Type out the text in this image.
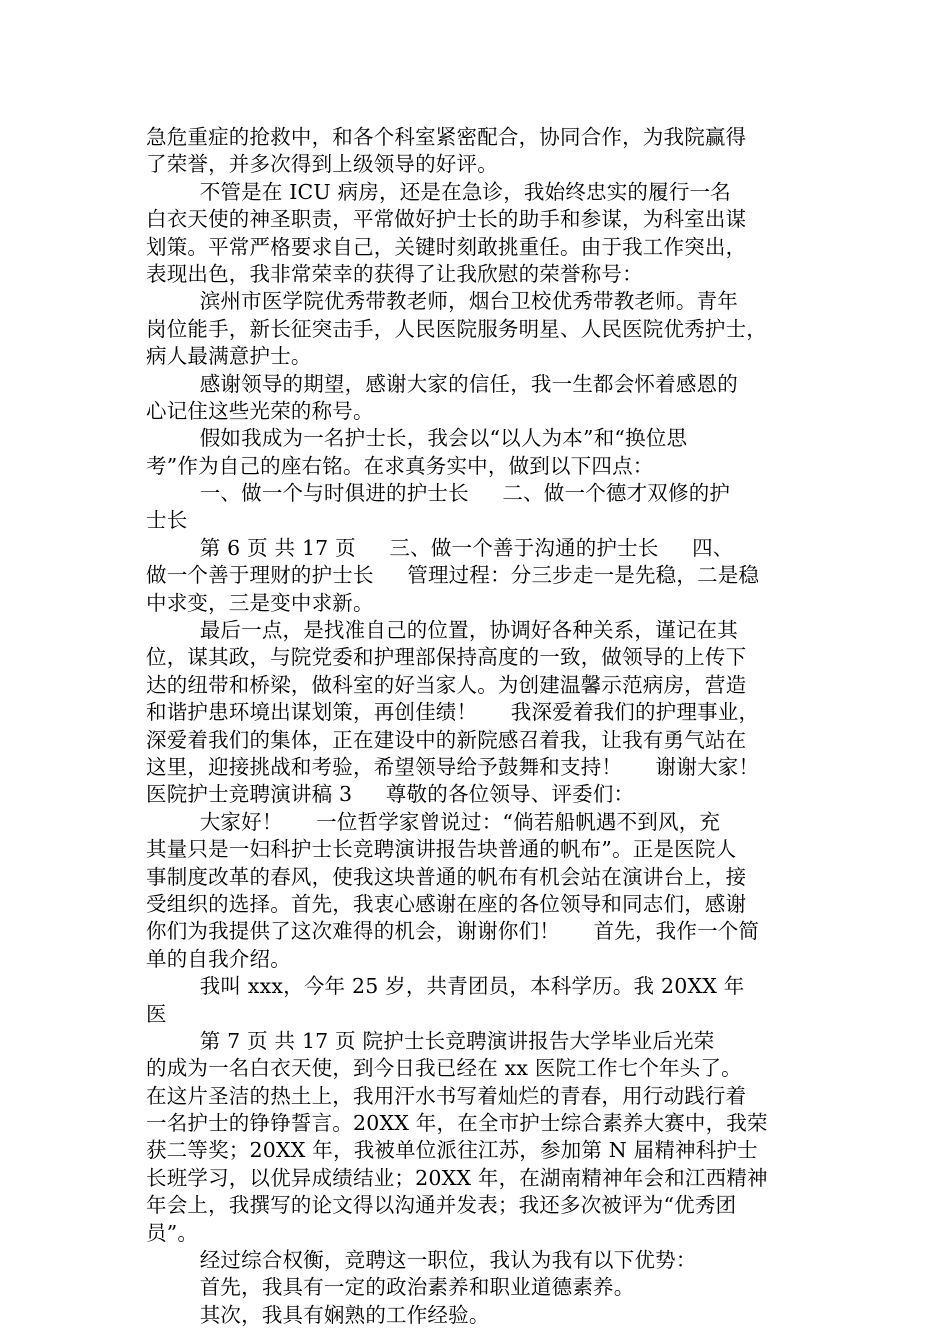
急危重症的抢救中，和各个科室紧密配合，协同合作，为我院赢得
了荣誉，并多次得到上级领导的好评。
不管是在 ICU 病房，还是在急诊，我始终忠实的履行一名
白衣天使的神圣职责，平常做好护士长的助手和参谋，为科室出谋
划策。平常严格要求自己，关键时刻敢挑重任。由于我工作突出，
表现出色，我非常荣幸的获得了让我欣慰的荣誉称号：
滨州市医学院优秀带教老师，烟台卫校优秀带教老师。青年
岗位能手，新长征突击手，人民医院服务明星、人民医院优秀护士，
病人最满意护士。
感谢领导的期望，感谢大家的信任，我一生都会怀着感恩的
心记住这些光荣的称号。
假如我成为一名护士长，我会以“以人为本”和“换位思
考”作为自己的座右铭。在求真务实中，做到以下四点：
一、做一个与时俱进的护士长     二、做一个德才双修的护
士长
第 6 页 共 17 页     三、做一个善于沟通的护士长     四、
做一个善于理财的护士长     管理过程：分三步走一是先稳，二是稳
中求变，三是变中求新。
最后一点，是找准自己的位置，协调好各种关系，谨记在其
位，谋其政，与院党委和护理部保持高度的一致，做领导的上传下
达的纽带和桥梁，做科室的好当家人。为创建温馨示范病房，营造
和谐护患环境出谋划策，再创佳绩！     我深爱着我们的护理事业，
深爱着我们的集体，正在建设中的新院感召着我，让我有勇气站在
这里，迎接挑战和考验，希望领导给予鼓舞和支持！     谢谢大家！
医院护士竞聘演讲稿 3     尊敬的各位领导、评委们：
大家好！     一位哲学家曾说过：“倘若船帆遇不到风，充
其量只是一妇科护士长竞聘演讲报告块普通的帆布”。正是医院人
事制度改革的春风，使我这块普通的帆布有机会站在演讲台上，接
受组织的选择。首先，我衷心感谢在座的各位领导和同志们，感谢
你们为我提供了这次难得的机会，谢谢你们！     首先，我作一个简
单的自我介绍。
我叫 xxx，今年 25 岁，共青团员，本科学历。我 20XX 年
医
第 7 页 共 17 页 院护士长竞聘演讲报告大学毕业后光荣
的成为一名白衣天使，到今日我已经在 xx 医院工作七个年头了。
在这片圣洁的热土上，我用汗水书写着灿烂的青春，用行动践行着
一名护士的铮铮誓言。20XX 年，在全市护士综合素养大赛中，我荣
获二等奖；20XX 年，我被单位派往江苏，参加第 N 届精神科护士
长班学习，以优异成绩结业；20XX 年，在湖南精神年会和江西精神
年会上，我撰写的论文得以沟通并发表；我还多次被评为“优秀团
员”。
经过综合权衡，竞聘这一职位，我认为我有以下优势：
首先，我具有一定的政治素养和职业道德素养。
其次，我具有娴熟的工作经验。
